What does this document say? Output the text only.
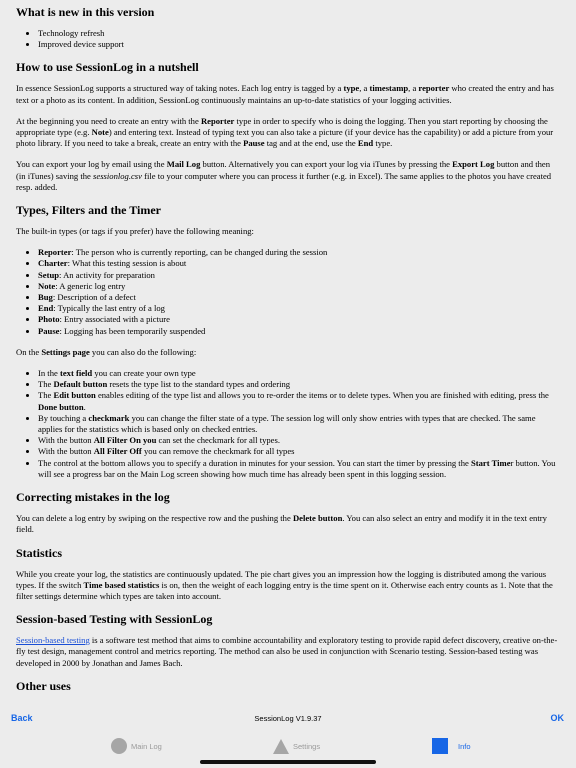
What is new in this version
• Technology refresh
• Improved device support
How to use SessionLog in a nutshell

In essence SessionLog supports a structured way of taking notes. Each log entry is tagged by a type, a timestamp, a reporter who created the entry and has text or a photo as its content. In addition, SessionLog continuously maintains an up-to-date statistics of your logging activities.

At the beginning you need to create an entry with the Reporter type in order to specify who is doing the logging. Then you start reporting by choosing the appropriate type (e.g. Note) and entering text. Instead of typing text you can also take a picture (if your device has the capability) or add a picture from your photo library. If you need to take a break, create an entry with the Pause tag and at the end, use the End type.

You can export your log by email using the Mail Log button. Alternatively you can export your log via iTunes by pressing the Export Log button and then (in iTunes) saving the sessionlog.csv file to your computer where you can process it further (e.g. in Excel). The same applies to the photos you have created resp. added.

Types, Filters and the Timer

The built-in types (or tags if you prefer) have the following meaning:

• Reporter: The person who is currently reporting, can be changed during the session
• Charter: What this testing session is about
• Setup: An activity for preparation
• Note: A generic log entry
• Bug: Description of a defect
• End: Typically the last entry of a log
• Photo: Entry associated with a picture
• Pause: Logging has been temporarily suspended

On the Settings page you can also do the following:

• In the text field you can create your own type
• The Default button resets the type list to the standard types and ordering
• The Edit button enables editing of the type list and allows you to re-order the items or to delete types. When you are finished with editing, press the Done button.
• By touching a checkmark you can change the filter state of a type. The session log will only show entries with types that are checked. The same applies for the statistics which is based only on checked entries.
• With the button All Filter On you can set the checkmark for all types.
• With the button All Filter Off you can remove the checkmark for all types
• The control at the bottom allows you to specify a duration in minutes for your session. You can start the timer by pressing the Start Timer button. You will see a progress bar on the Main Log screen showing how much time has already been spent in this logging session.
Correcting mistakes in the log

You can delete a log entry by swiping on the respective row and the pushing the Delete button. You can also select an entry and modify it in the text entry field.

Statistics

While you create your log, the statistics are continuously updated. The pie chart gives you an impression how the logging is distributed among the various types. If the switch Time based statistics is on, then the weight of each logging entry is the time spent on it. Otherwise each entry counts as 1. Note that the filter settings determine which types are taken into account.

Session-based Testing with SessionLog

Session-based testing is a software test method that aims to combine accountability and exploratory testing to provide rapid defect discovery, creative on-the-fly test design, management control and metrics reporting. The method can also be used in conjunction with Scenario testing. Session-based testing was developed in 2000 by Jonathan and James Bach.

Other uses
Back	SessionLog V1.9.37	OK
Main Log	Settings	Info
